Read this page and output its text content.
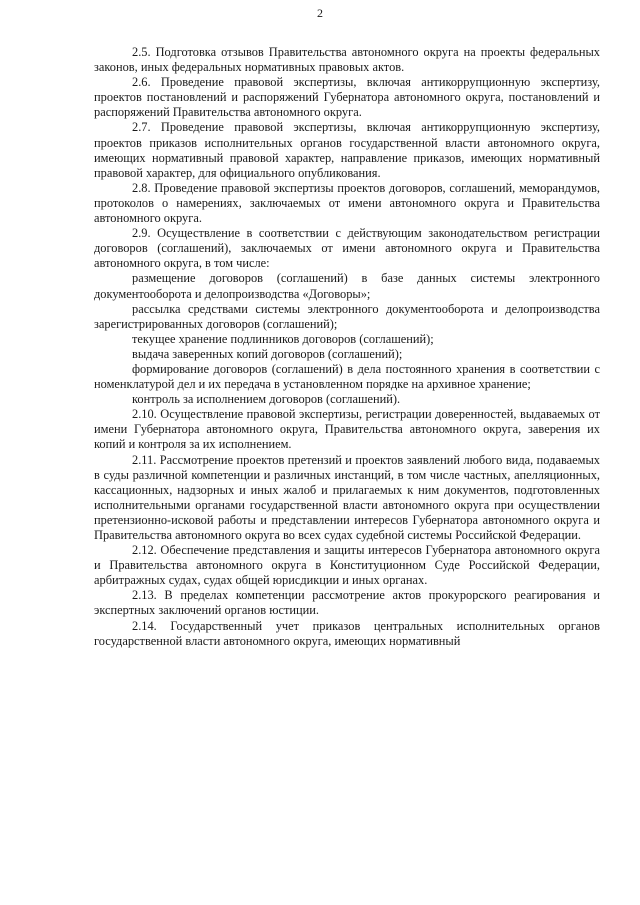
2

2.5. Подготовка отзывов Правительства автономного округа на проекты федеральных законов, иных федеральных нормативных правовых актов.

2.6. Проведение правовой экспертизы, включая антикоррупционную экспертизу, проектов постановлений и распоряжений Губернатора автономного округа, постановлений и распоряжений Правительства автономного округа.

2.7. Проведение правовой экспертизы, включая антикоррупционную экспертизу, проектов приказов исполнительных органов государственной власти автономного округа, имеющих нормативный правовой характер, направление приказов, имеющих нормативный правовой характер, для официального опубликования.

2.8. Проведение правовой экспертизы проектов договоров, соглашений, меморандумов, протоколов о намерениях, заключаемых от имени автономного округа и Правительства автономного округа.

2.9. Осуществление в соответствии с действующим законодательством регистрации договоров (соглашений), заключаемых от имени автономного округа и Правительства автономного округа, в том числе:

размещение договоров (соглашений) в базе данных системы электронного документооборота и делопроизводства «Договоры»;

рассылка средствами системы электронного документооборота и делопроизводства зарегистрированных договоров (соглашений);

текущее хранение подлинников договоров (соглашений);

выдача заверенных копий договоров (соглашений);

формирование договоров (соглашений) в дела постоянного хранения в соответствии с номенклатурой дел и их передача в установленном порядке на архивное хранение;

контроль за исполнением договоров (соглашений).

2.10. Осуществление правовой экспертизы, регистрации доверенностей, выдаваемых от имени Губернатора автономного округа, Правительства автономного округа, заверения их копий и контроля за их исполнением.

2.11. Рассмотрение проектов претензий и проектов заявлений любого вида, подаваемых в суды различной компетенции и различных инстанций, в том числе частных, апелляционных, кассационных, надзорных и иных жалоб и прилагаемых к ним документов, подготовленных исполнительными органами государственной власти автономного округа при осуществлении претензионно-исковой работы и представлении интересов Губернатора автономного округа и Правительства автономного округа во всех судах судебной системы Российской Федерации.

2.12. Обеспечение представления и защиты интересов Губернатора автономного округа и Правительства автономного округа в Конституционном Суде Российской Федерации, арбитражных судах, судах общей юрисдикции и иных органах.

2.13. В пределах компетенции рассмотрение актов прокурорского реагирования и экспертных заключений органов юстиции.

2.14. Государственный учет приказов центральных исполнительных органов государственной власти автономного округа, имеющих нормативный
